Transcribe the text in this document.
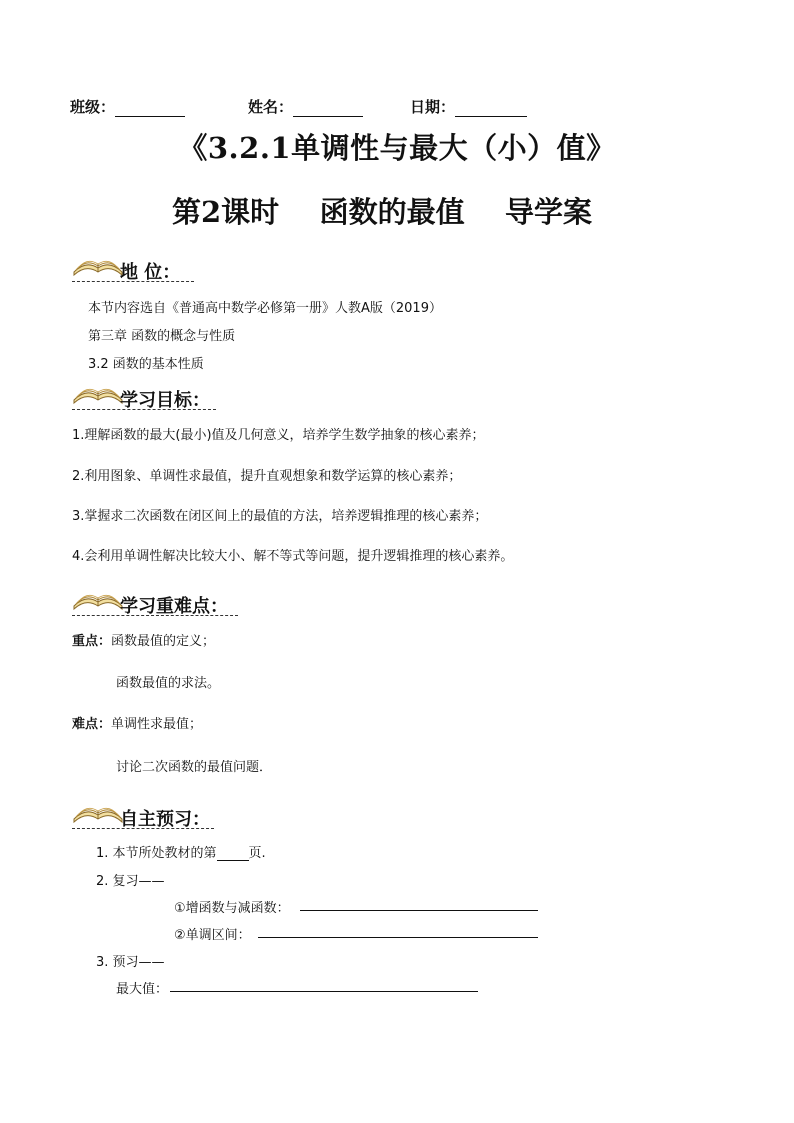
班级：	姓名：	日期：
《3.2.1单调性与最大（小）值》
第2课时    函数的最值    导学案
地 位：
本节内容选自《普通高中数学必修第一册》人教A版（2019）
第三章 函数的概念与性质
3.2 函数的基本性质
学习目标：
1.理解函数的最大(最小)值及几何意义，培养学生数学抽象的核心素养；
2.利用图象、单调性求最值，提升直观想象和数学运算的核心素养；
3.掌握求二次函数在闭区间上的最值的方法，培养逻辑推理的核心素养；
4.会利用单调性解决比较大小、解不等式等问题，提升逻辑推理的核心素养。
学习重难点：
重点：函数最值的定义；
函数最值的求法。
难点：单调性求最值；
讨论二次函数的最值问题．
自主预习：
1. 本节所处教材的第 页.
2. 复习——
①增函数与减函数：
②单调区间：
3. 预习——
最大值：
